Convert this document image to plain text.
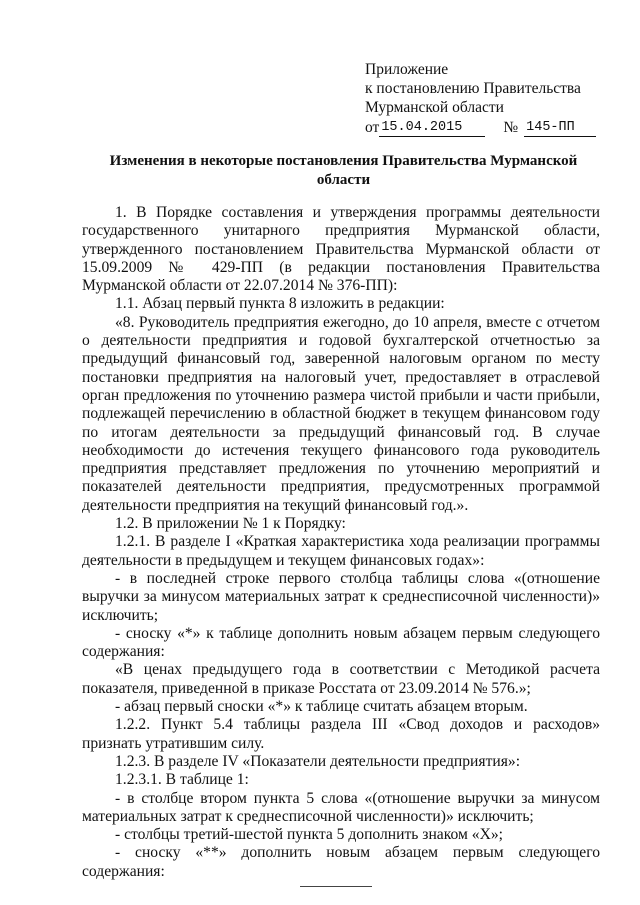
Приложение
к постановлению Правительства
Мурманской области
от 15.04.2015	№ 145-ПП
Изменения в некоторые постановления Правительства Мурманской области

1. В Порядке составления и утверждения программы деятельности государственного унитарного предприятия Мурманской области, утвержденного постановлением Правительства Мурманской области от 15.09.2009 № 429-ПП (в редакции постановления Правительства Мурманской области от 22.07.2014 № 376-ПП):

1.1. Абзац первый пункта 8 изложить в редакции:

«8. Руководитель предприятия ежегодно, до 10 апреля, вместе с отчетом о деятельности предприятия и годовой бухгалтерской отчетностью за предыдущий финансовый год, заверенной налоговым органом по месту постановки предприятия на налоговый учет, предоставляет в отраслевой орган предложения по уточнению размера чистой прибыли и части прибыли, подлежащей перечислению в областной бюджет в текущем финансовом году по итогам деятельности за предыдущий финансовый год. В случае необходимости до истечения текущего финансового года руководитель предприятия представляет предложения по уточнению мероприятий и показателей деятельности предприятия, предусмотренных программой деятельности предприятия на текущий финансовый год.».

1.2. В приложении № 1 к Порядку:

1.2.1. В разделе I «Краткая характеристика хода реализации программы деятельности в предыдущем и текущем финансовых годах»:

- в последней строке первого столбца таблицы слова «(отношение выручки за минусом материальных затрат к среднесписочной численности)» исключить;

- сноску «*» к таблице дополнить новым абзацем первым следующего содержания:

«В ценах предыдущего года в соответствии с Методикой расчета показателя, приведенной в приказе Росстата от 23.09.2014 № 576.»;

- абзац первый сноски «*» к таблице считать абзацем вторым.

1.2.2. Пункт 5.4 таблицы раздела III «Свод доходов и расходов» признать утратившим силу.

1.2.3. В разделе IV «Показатели деятельности предприятия»:

1.2.3.1. В таблице 1:

- в столбце втором пункта 5 слова «(отношение выручки за минусом материальных затрат к среднесписочной численности)» исключить;

- столбцы третий-шестой пункта 5 дополнить знаком «Х»;

- сноску «**» дополнить новым абзацем первым следующего содержания:
